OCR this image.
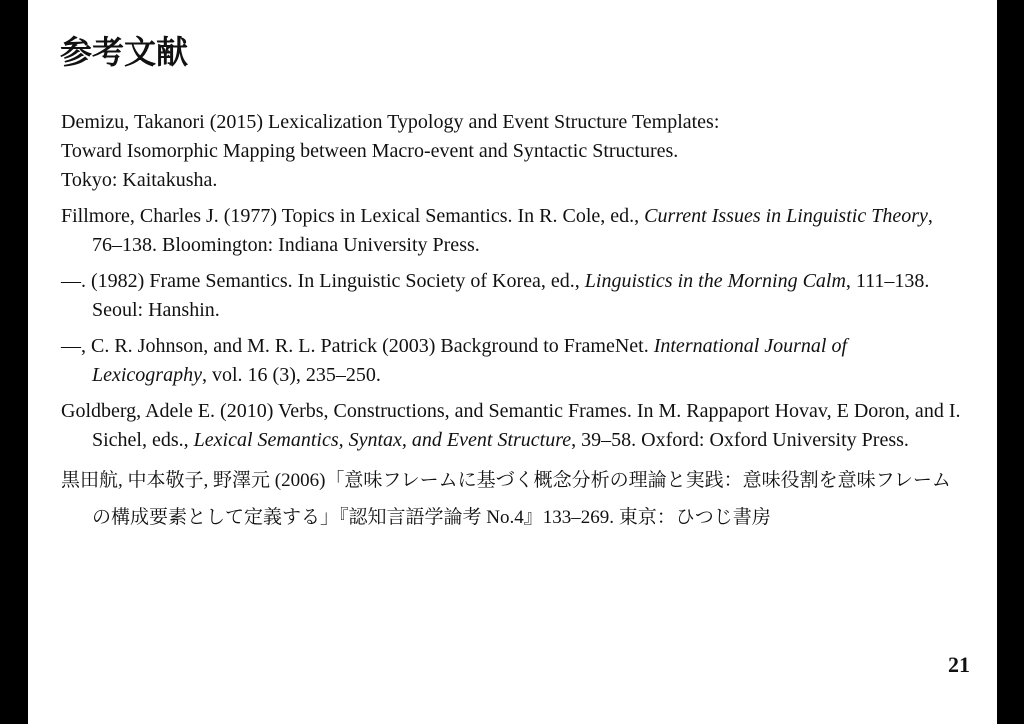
参考文献

Demizu, Takanori (2015) Lexicalization Typology and Event Structure Templates:
Toward Isomorphic Mapping between Macro-event and Syntactic Structures.
Tokyo: Kaitakusha.

Fillmore, Charles J. (1977) Topics in Lexical Semantics. In R. Cole, ed., Current Issues in Linguistic Theory, 76–138. Bloomington: Indiana University Press.

—. (1982) Frame Semantics. In Linguistic Society of Korea, ed., Linguistics in the Morning Calm, 111–138. Seoul: Hanshin.

—, C. R. Johnson, and M. R. L. Patrick (2003) Background to FrameNet. International Journal of Lexicography, vol. 16 (3), 235–250.

Goldberg, Adele E. (2010) Verbs, Constructions, and Semantic Frames. In M. Rappaport Hovav, E Doron, and I. Sichel, eds., Lexical Semantics, Syntax, and Event Structure, 39–58. Oxford: Oxford University Press.

黒田航, 中本敬子, 野澤元 (2006)「意味フレームに基づく概念分析の理論と実践：意味役割を意味フレームの構成要素として定義する」『認知言語学論考 No.4』133–269. 東京：ひつじ書房

21
